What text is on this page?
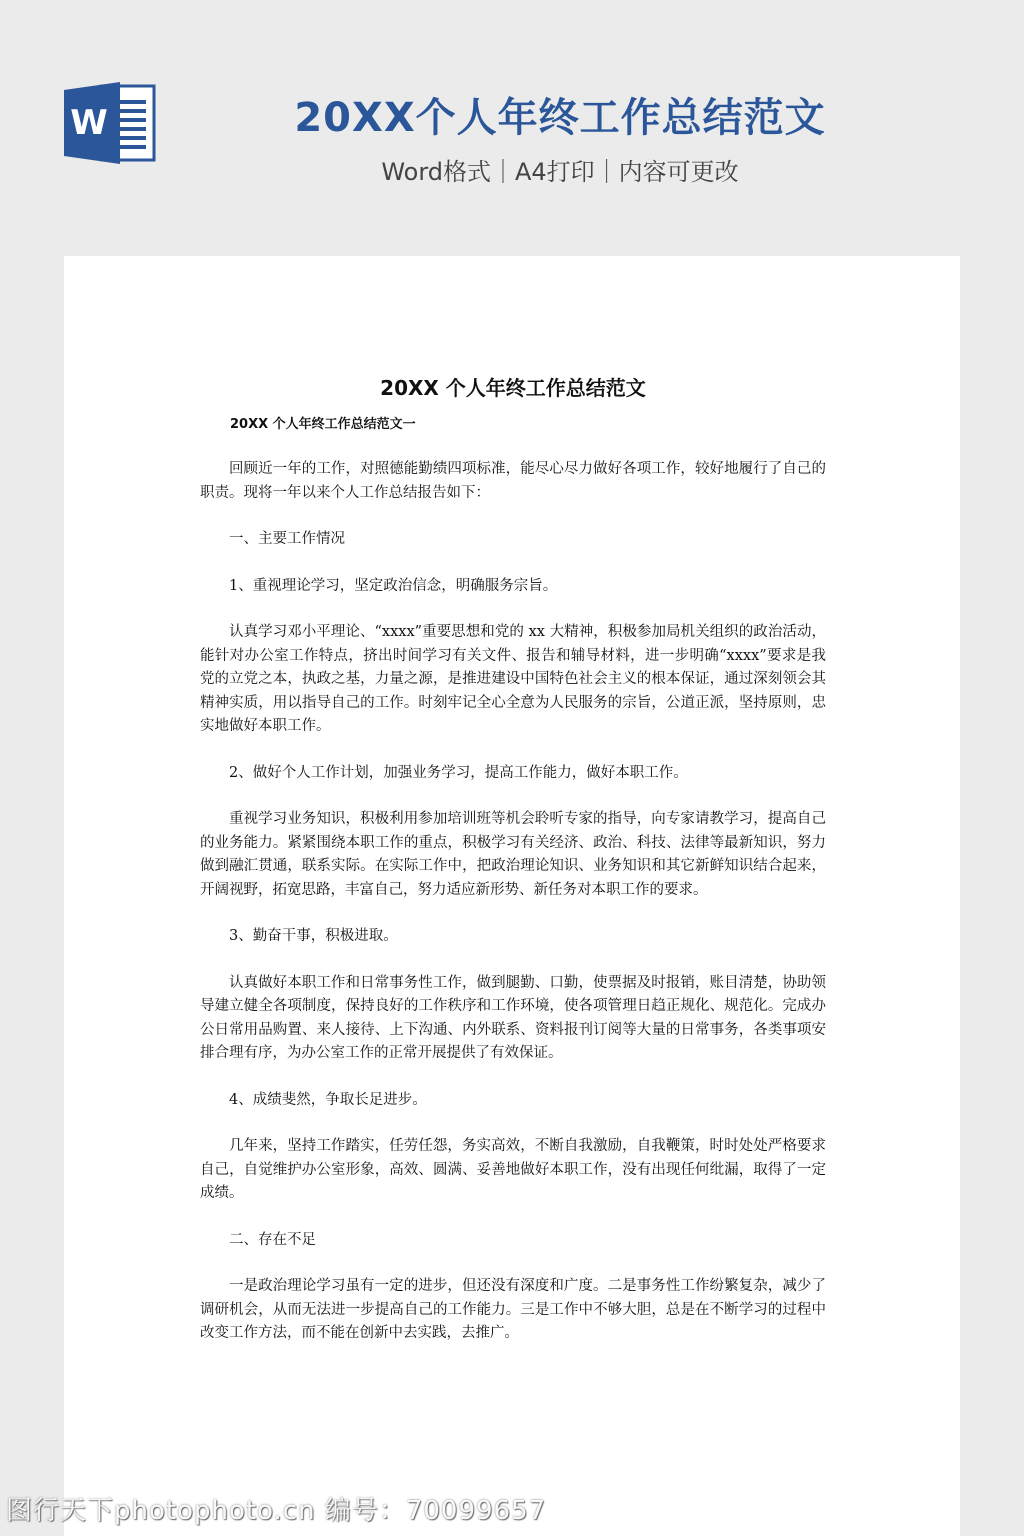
W	20XX个人年终工作总结范文
Word格式｜A4打印｜内容可更改
20XX 个人年终工作总结范文
20XX 个人年终工作总结范文一

回顾近一年的工作，对照德能勤绩四项标准，能尽心尽力做好各项工作，较好地履行了自己的职责。现将一年以来个人工作总结报告如下：

一、主要工作情况

1、重视理论学习，坚定政治信念，明确服务宗旨。

认真学习邓小平理论、“xxxx”重要思想和党的 xx 大精神，积极参加局机关组织的政治活动，能针对办公室工作特点，挤出时间学习有关文件、报告和辅导材料，进一步明确“xxxx”要求是我党的立党之本，执政之基，力量之源，是推进建设中国特色社会主义的根本保证，通过深刻领会其精神实质，用以指导自己的工作。时刻牢记全心全意为人民服务的宗旨，公道正派，坚持原则，忠实地做好本职工作。

2、做好个人工作计划，加强业务学习，提高工作能力，做好本职工作。

重视学习业务知识，积极利用参加培训班等机会聆听专家的指导，向专家请教学习，提高自己的业务能力。紧紧围绕本职工作的重点，积极学习有关经济、政治、科技、法律等最新知识，努力做到融汇贯通，联系实际。在实际工作中，把政治理论知识、业务知识和其它新鲜知识结合起来，开阔视野，拓宽思路，丰富自己，努力适应新形势、新任务对本职工作的要求。

3、勤奋干事，积极进取。

认真做好本职工作和日常事务性工作，做到腿勤、口勤，使票据及时报销，账目清楚，协助领导建立健全各项制度，保持良好的工作秩序和工作环境，使各项管理日趋正规化、规范化。完成办公日常用品购置、来人接待、上下沟通、内外联系、资料报刊订阅等大量的日常事务，各类事项安排合理有序，为办公室工作的正常开展提供了有效保证。

4、成绩斐然，争取长足进步。

几年来，坚持工作踏实，任劳任怨，务实高效，不断自我激励，自我鞭策，时时处处严格要求自己，自觉维护办公室形象，高效、圆满、妥善地做好本职工作，没有出现任何纰漏，取得了一定成绩。

二、存在不足

一是政治理论学习虽有一定的进步，但还没有深度和广度。二是事务性工作纷繁复杂，减少了调研机会，从而无法进一步提高自己的工作能力。三是工作中不够大胆，总是在不断学习的过程中改变工作方法，而不能在创新中去实践，去推广。

图行天下photophoto.cn 编号：70099657
